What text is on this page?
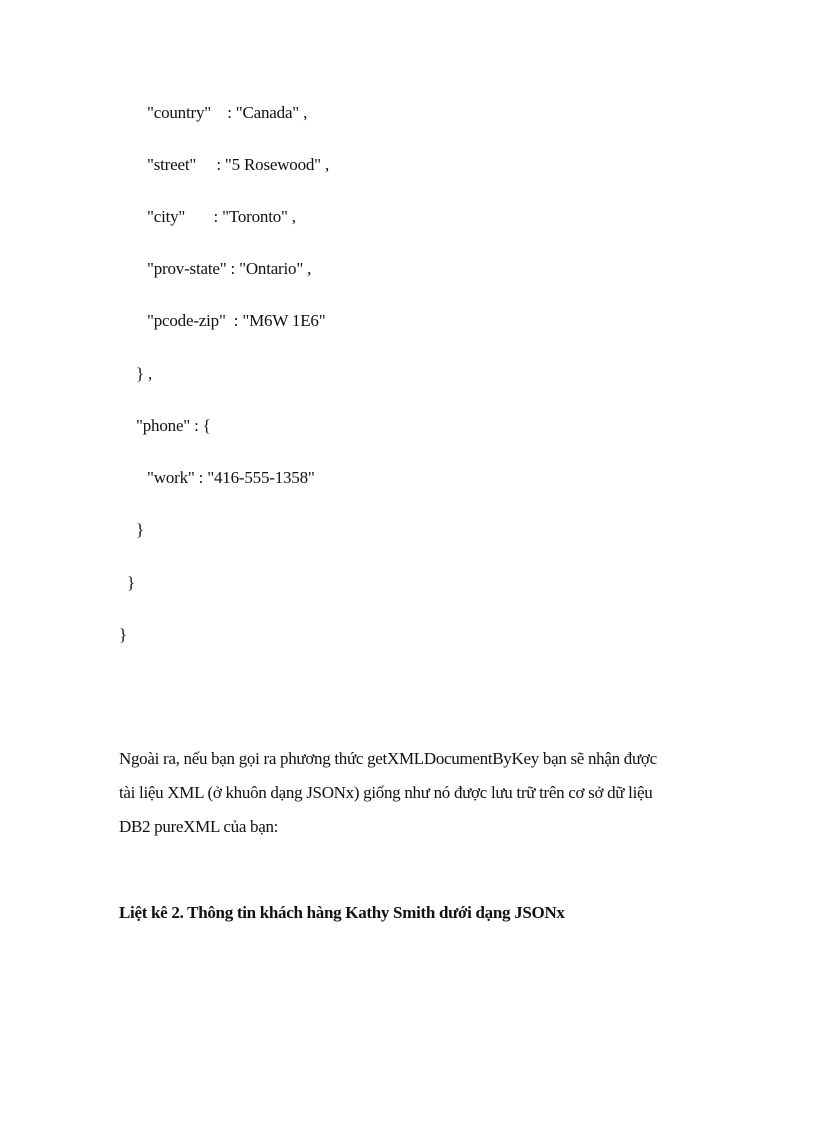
"country"    : "Canada" ,
"street"     : "5 Rosewood" ,
"city"       : "Toronto" ,
"prov-state" : "Ontario" ,
"pcode-zip"  : "M6W 1E6"
} ,
"phone" : {
"work" : "416-555-1358"
}
}
}
Ngoài ra, nếu bạn gọi ra phương thức getXMLDocumentByKey bạn sẽ nhận được
tài liệu XML (ở khuôn dạng JSONx) giống như nó được lưu trữ trên cơ sở dữ liệu
DB2 pureXML của bạn:
Liệt kê 2. Thông tin khách hàng Kathy Smith dưới dạng JSONx
